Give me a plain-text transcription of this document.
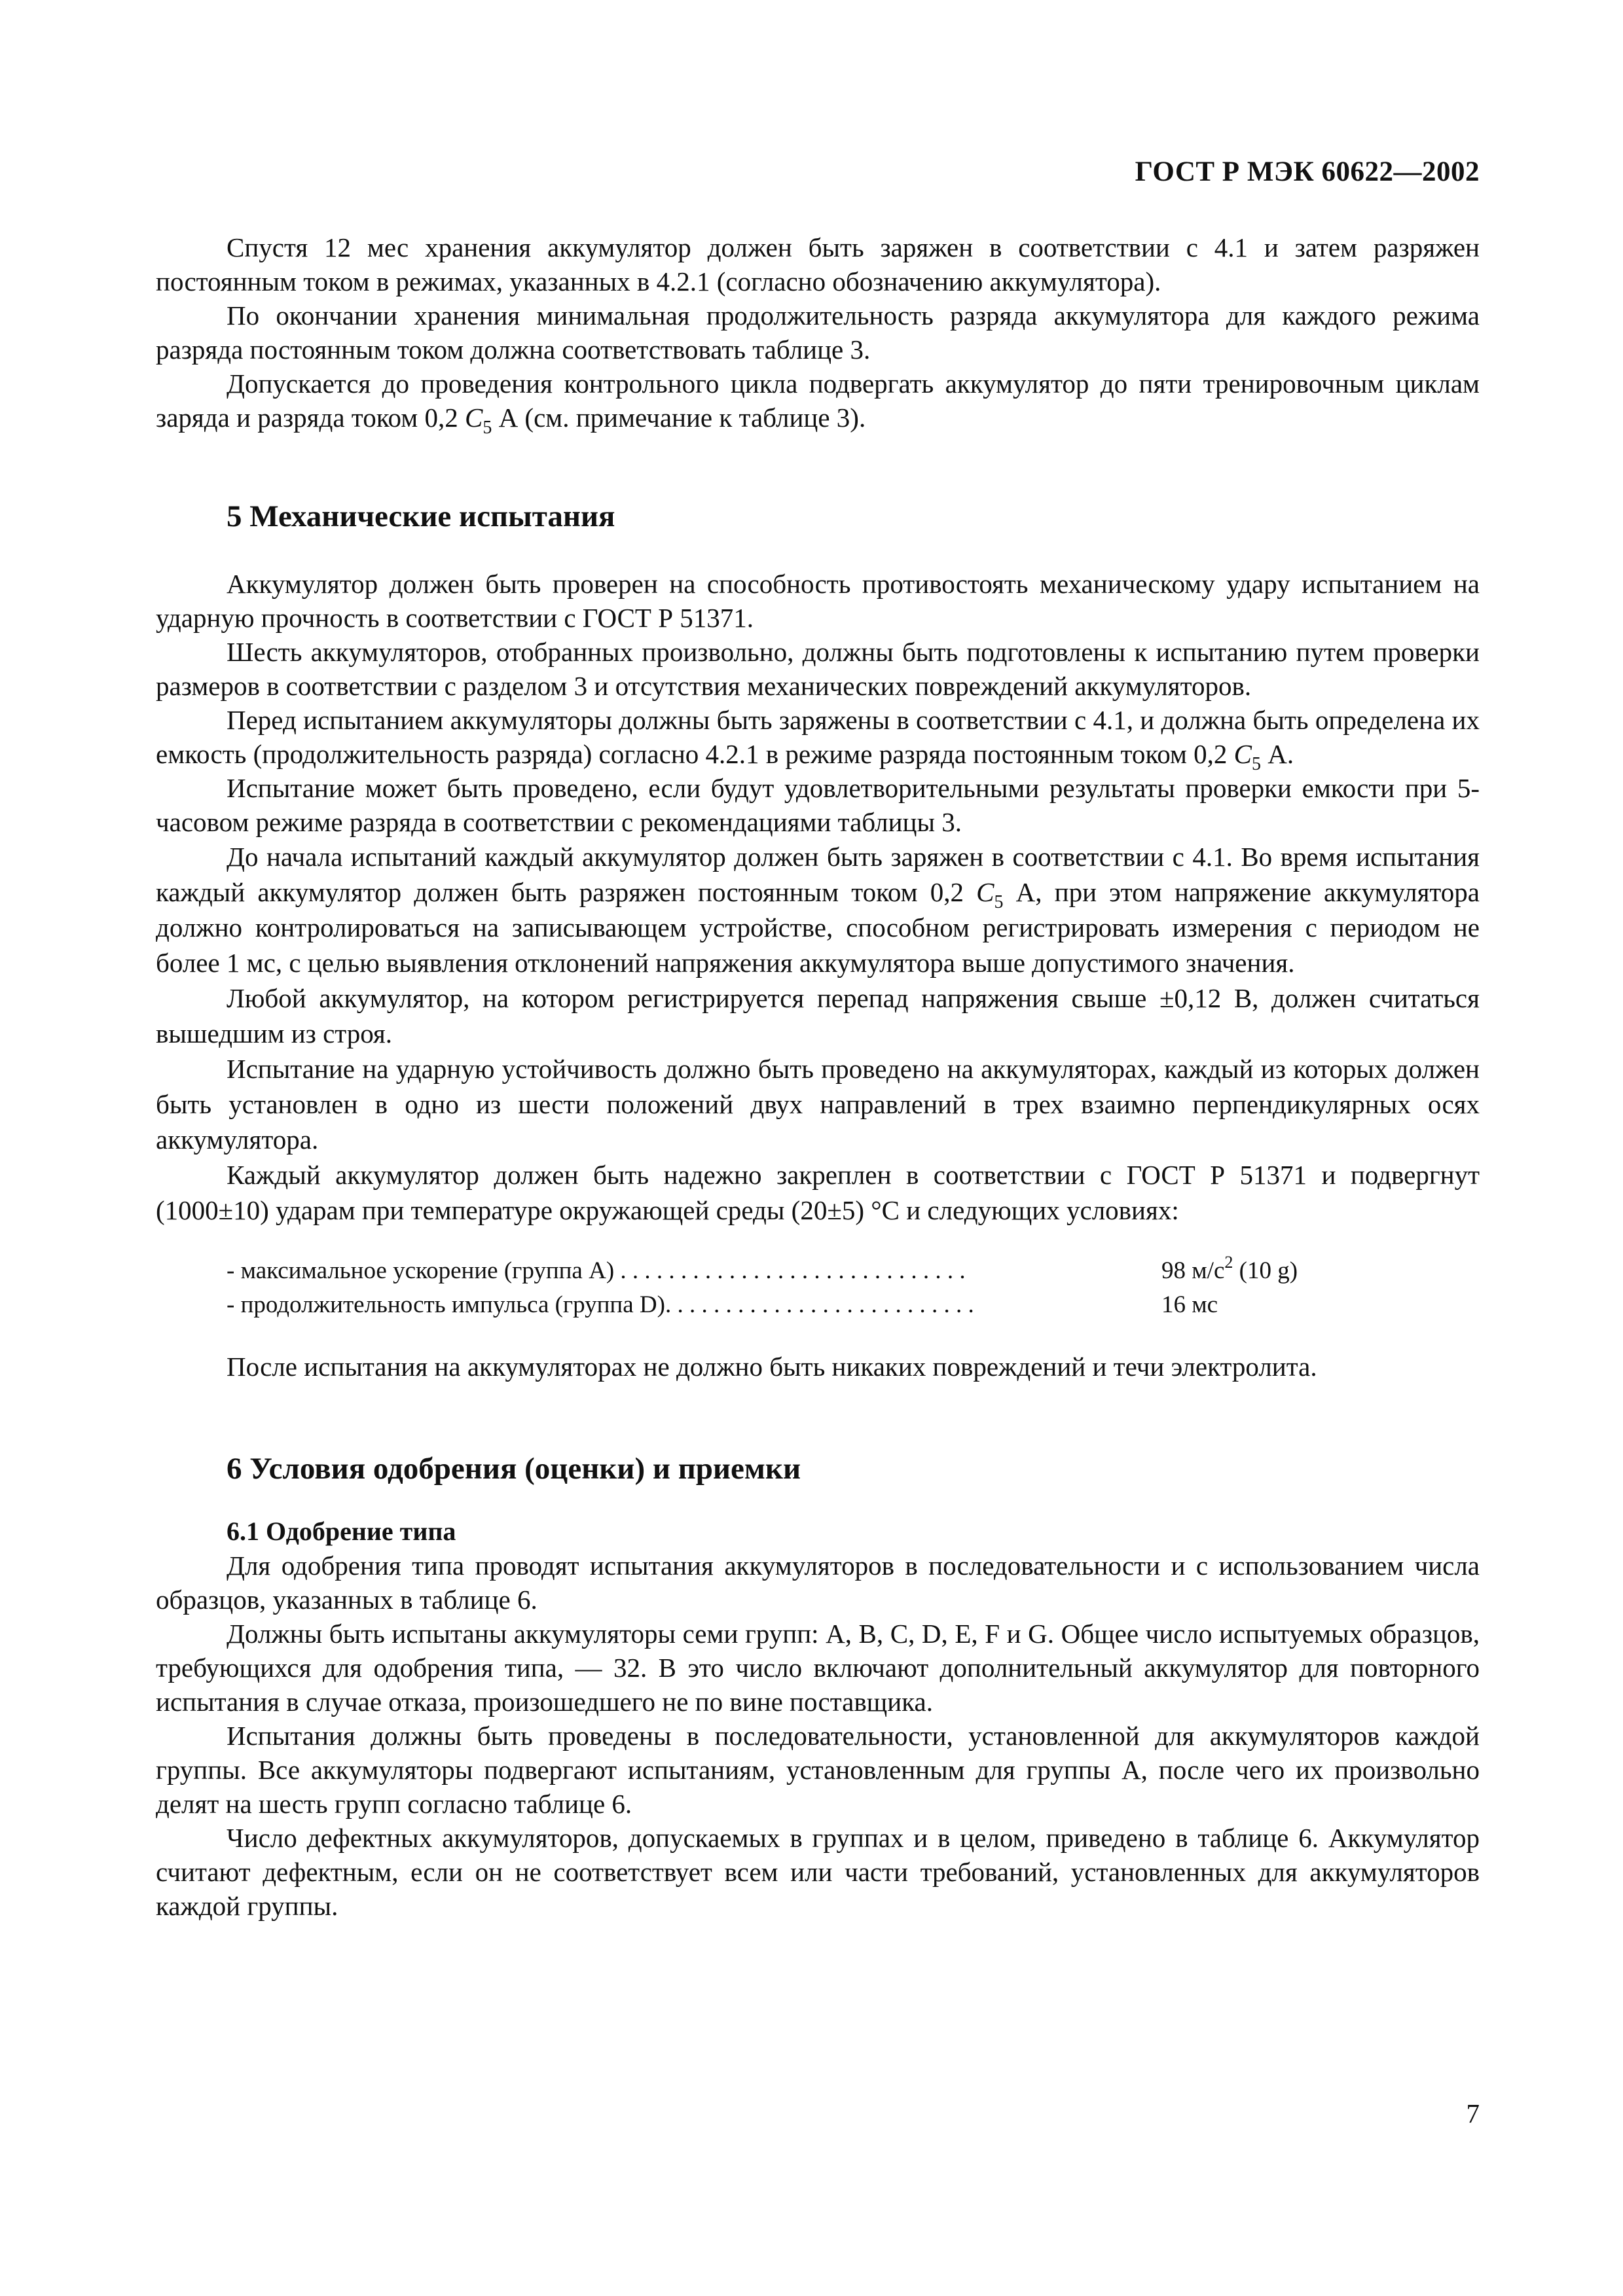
ГОСТ Р МЭК 60622—2002

Спустя 12 мес хранения аккумулятор должен быть заряжен в соответствии с 4.1 и затем разряжен постоянным током в режимах, указанных в 4.2.1 (согласно обозначению аккумулятора).

По окончании хранения минимальная продолжительность разряда аккумулятора для каждого режима разряда постоянным током должна соответствовать таблице 3.

Допускается до проведения контрольного цикла подвергать аккумулятор до пяти тренировочным циклам заряда и разряда током 0,2 $C_5$ А (см. примечание к таблице 3).

5 Механические испытания

Аккумулятор должен быть проверен на способность противостоять механическому удару испытанием на ударную прочность в соответствии с ГОСТ Р 51371.

Шесть аккумуляторов, отобранных произвольно, должны быть подготовлены к испытанию путем проверки размеров в соответствии с разделом 3 и отсутствия механических повреждений аккумуляторов.

Перед испытанием аккумуляторы должны быть заряжены в соответствии с 4.1, и должна быть определена их емкость (продолжительность разряда) согласно 4.2.1 в режиме разряда постоянным током 0,2 $C_5$ А.

Испытание может быть проведено, если будут удовлетворительными результаты проверки емкости при 5-часовом режиме разряда в соответствии с рекомендациями таблицы 3.

До начала испытаний каждый аккумулятор должен быть заряжен в соответствии с 4.1. Во время испытания каждый аккумулятор должен быть разряжен постоянным током 0,2 $C_5$ А, при этом напряжение аккумулятора должно контролироваться на записывающем устройстве, способном регистрировать измерения с периодом не более 1 мс, с целью выявления отклонений напряжения аккумулятора выше допустимого значения.

Любой аккумулятор, на котором регистрируется перепад напряжения свыше ±0,12 В, должен считаться вышедшим из строя.

Испытание на ударную устойчивость должно быть проведено на аккумуляторах, каждый из которых должен быть установлен в одно из шести положений двух направлений в трех взаимно перпендикулярных осях аккумулятора.

Каждый аккумулятор должен быть надежно закреплен в соответствии с ГОСТ Р 51371 и подвергнут (1000±10) ударам при температуре окружающей среды (20±5) °С и следующих условиях:

- максимальное ускорение (группа А) . . . . . . . . . . . . . . . . . . . . . . . . . . . . .	98 $м/с^2$ (10 g)
- продолжительность импульса (группа D). . . . . . . . . . . . . . . . . . . . . . . . . .	16 мс

После испытания на аккумуляторах не должно быть никаких повреждений и течи электролита.

6 Условия одобрения (оценки) и приемки
6.1 Одобрение типа

Для одобрения типа проводят испытания аккумуляторов в последовательности и с использованием числа образцов, указанных в таблице 6.

Должны быть испытаны аккумуляторы семи групп: А, В, С, D, E, F и G. Общее число испытуемых образцов, требующихся для одобрения типа, — 32. В это число включают дополнительный аккумулятор для повторного испытания в случае отказа, произошедшего не по вине поставщика.

Испытания должны быть проведены в последовательности, установленной для аккумуляторов каждой группы. Все аккумуляторы подвергают испытаниям, установленным для группы А, после чего их произвольно делят на шесть групп согласно таблице 6.

Число дефектных аккумуляторов, допускаемых в группах и в целом, приведено в таблице 6. Аккумулятор считают дефектным, если он не соответствует всем или части требований, установленных для аккумуляторов каждой группы.

7
